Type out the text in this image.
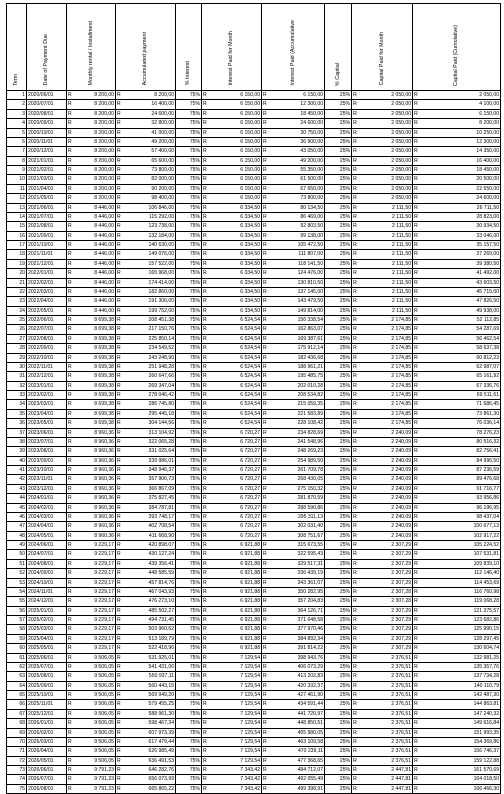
Term	Date of Payment Due	Monthly rental / Installment		Accumulated payment		% Interest	Interest Paid for Month		Interest Paid (Accumulative		% Capital	Capital Paid for Month		Capital Paid (Cumulative)	
1	2020/06/01	R	8 200,00	R	8 200,00	75%	R	6 150,00	R	6 150,00	25%	R	2 050,00	R	2 050,00
2	2020/07/01	R	8 200,00	R	16 400,00	75%	R	6 150,00	R	12 300,00	25%	R	2 050,00	R	4 100,00
3	2020/08/01	R	8 200,00	R	24 600,00	75%	R	6 150,00	R	18 450,00	25%	R	2 050,00	R	6 150,00
4	2020/09/01	R	8 200,00	R	32 800,00	75%	R	6 150,00	R	24 600,00	25%	R	2 050,00	R	8 200,00
5	2020/10/01	R	8 200,00	R	41 000,00	75%	R	6 150,00	R	30 750,00	25%	R	2 050,00	R	10 250,00
6	2020/11/01	R	8 200,00	R	49 200,00	75%	R	6 150,00	R	36 900,00	25%	R	2 050,00	R	12 300,00
7	2020/12/01	R	8 200,00	R	57 400,00	75%	R	6 150,00	R	43 050,00	25%	R	2 050,00	R	14 350,00
8	2021/01/01	R	8 200,00	R	65 600,00	75%	R	6 150,00	R	49 200,00	25%	R	2 050,00	R	16 400,00
9	2021/02/01	R	8 200,00	R	73 800,00	75%	R	6 150,00	R	55 350,00	25%	R	2 050,00	R	18 450,00
10	2021/03/01	R	8 200,00	R	82 000,00	75%	R	6 150,00	R	61 500,00	25%	R	2 050,00	R	20 500,00
11	2021/04/01	R	8 200,00	R	90 200,00	75%	R	6 150,00	R	67 650,00	25%	R	2 050,00	R	22 550,00
12	2021/05/01	R	8 200,00	R	98 400,00	75%	R	6 150,00	R	73 800,00	25%	R	2 050,00	R	24 600,00
13	2021/06/01	R	8 446,00	R	106 846,00	75%	R	6 334,50	R	80 134,50	25%	R	2 111,50	R	26 711,50
14	2021/07/01	R	8 446,00	R	115 292,00	75%	R	6 334,50	R	86 469,00	25%	R	2 111,50	R	28 823,00
15	2021/08/01	R	8 446,00	R	123 738,00	75%	R	6 334,50	R	92 803,50	25%	R	2 111,50	R	30 934,50
16	2021/09/01	R	8 446,00	R	132 184,00	75%	R	6 334,50	R	99 138,00	25%	R	2 111,50	R	33 046,00
17	2021/10/01	R	8 446,00	R	140 630,00	75%	R	6 334,50	R	105 472,50	25%	R	2 111,50	R	35 157,50
18	2021/11/01	R	8 446,00	R	149 076,00	75%	R	6 334,50	R	111 807,00	25%	R	2 111,50	R	37 269,00
19	2021/12/01	R	8 446,00	R	157 522,00	75%	R	6 334,50	R	118 141,50	25%	R	2 111,50	R	39 380,50
20	2022/01/01	R	8 446,00	R	165 968,00	75%	R	6 334,50	R	124 476,00	25%	R	2 111,50	R	41 492,00
21	2022/02/01	R	8 446,00	R	174 414,00	75%	R	6 334,50	R	130 810,50	25%	R	2 111,50	R	43 603,50
22	2022/03/01	R	8 446,00	R	182 860,00	75%	R	6 334,50	R	137 145,00	25%	R	2 111,50	R	45 715,00
23	2022/04/01	R	8 446,00	R	191 306,00	75%	R	6 334,50	R	143 479,50	25%	R	2 111,50	R	47 826,50
24	2022/05/01	R	8 446,00	R	199 752,00	75%	R	6 334,50	R	149 814,00	25%	R	2 111,50	R	49 938,00
25	2022/06/01	R	8 699,38	R	208 451,38	75%	R	6 524,54	R	156 338,54	25%	R	2 174,85	R	52 112,85
26	2022/07/01	R	8 699,38	R	217 150,76	75%	R	6 524,54	R	162 863,07	25%	R	2 174,85	R	54 287,69
27	2022/08/01	R	8 699,38	R	225 850,14	75%	R	6 524,54	R	169 387,61	25%	R	2 174,85	R	56 462,54
28	2022/09/01	R	8 699,38	R	234 549,52	75%	R	6 524,54	R	175 912,14	25%	R	2 174,85	R	58 637,38
29	2022/10/01	R	8 699,38	R	243 248,90	75%	R	6 524,54	R	182 436,68	25%	R	2 174,85	R	60 812,23
30	2022/11/01	R	8 699,38	R	251 948,28	75%	R	6 524,54	R	188 961,21	25%	R	2 174,85	R	62 987,07
31	2022/12/01	R	8 699,38	R	260 647,66	75%	R	6 524,54	R	195 485,75	25%	R	2 174,85	R	65 161,92
32	2023/01/01	R	8 699,38	R	269 347,04	75%	R	6 524,54	R	202 010,28	25%	R	2 174,85	R	67 336,76
33	2023/02/01	R	8 699,38	R	278 046,42	75%	R	6 524,54	R	208 534,82	25%	R	2 174,85	R	69 511,61
34	2023/03/01	R	8 699,38	R	286 745,80	75%	R	6 524,54	R	215 059,35	25%	R	2 174,85	R	71 686,45
35	2023/04/01	R	8 699,38	R	295 445,18	75%	R	6 524,54	R	221 583,89	25%	R	2 174,85	R	73 861,30
36	2023/05/01	R	8 699,38	R	304 144,56	75%	R	6 524,54	R	228 108,42	25%	R	2 174,85	R	76 036,14
37	2023/06/01	R	8 960,36	R	313 104,92	75%	R	6 720,27	R	234 828,69	25%	R	2 240,09	R	78 276,23
38	2023/07/01	R	8 960,36	R	322 065,28	75%	R	6 720,27	R	241 548,96	25%	R	2 240,09	R	80 516,32
39	2023/08/01	R	8 960,36	R	331 025,64	75%	R	6 720,27	R	248 269,23	25%	R	2 240,09	R	82 756,41
40	2023/09/01	R	8 960,36	R	339 986,01	75%	R	6 720,27	R	254 989,50	25%	R	2 240,09	R	84 996,50
41	2023/10/01	R	8 960,36	R	348 946,37	75%	R	6 720,27	R	261 709,78	25%	R	2 240,09	R	87 236,59
42	2023/11/01	R	8 960,36	R	357 906,73	75%	R	6 720,27	R	268 430,05	25%	R	2 240,09	R	89 476,68
43	2023/12/01	R	8 960,36	R	366 867,09	75%	R	6 720,27	R	275 150,32	25%	R	2 240,09	R	91 716,77
44	2024/01/01	R	8 960,36	R	375 827,45	75%	R	6 720,27	R	281 870,59	25%	R	2 240,09	R	93 956,86
45	2024/02/01	R	8 960,36	R	384 787,81	75%	R	6 720,27	R	288 590,86	25%	R	2 240,09	R	96 196,95
46	2024/03/01	R	8 960,36	R	393 748,17	75%	R	6 720,27	R	295 311,13	25%	R	2 240,09	R	98 437,04
47	2024/04/01	R	8 960,36	R	402 708,54	75%	R	6 720,27	R	302 031,40	25%	R	2 240,09	R	100 677,13
48	2024/05/01	R	8 960,36	R	411 668,90	75%	R	6 720,27	R	308 751,67	25%	R	2 240,09	R	102 917,22
49	2024/06/01	R	9 229,17	R	420 898,07	75%	R	6 921,88	R	315 673,55	25%	R	2 307,29	R	105 224,52
50	2024/07/01	R	9 229,17	R	430 127,24	75%	R	6 921,88	R	322 595,43	25%	R	2 307,29	R	107 531,81
51	2024/08/01	R	9 229,17	R	439 356,41	75%	R	6 921,88	R	329 517,31	25%	R	2 307,29	R	109 839,10
52	2024/09/01	R	9 229,17	R	448 585,59	75%	R	6 921,88	R	336 439,19	25%	R	2 307,29	R	112 146,40
53	2024/10/01	R	9 229,17	R	457 814,76	75%	R	6 921,88	R	343 361,07	25%	R	2 307,29	R	114 453,69
54	2024/11/01	R	9 229,17	R	467 043,93	75%	R	6 921,88	R	350 282,95	25%	R	2 307,28	R	116 760,98
55	2024/12/01	R	9 229,17	R	476 273,10	75%	R	6 921,88	R	357 204,83	25%	R	2 307,28	R	119 068,28
56	2025/01/01	R	9 229,17	R	485 502,27	75%	R	6 921,88	R	364 126,71	25%	R	2 307,29	R	121 375,57
57	2025/02/01	R	9 229,17	R	494 731,45	75%	R	6 921,88	R	371 048,58	25%	R	2 307,29	R	123 682,86
58	2025/03/01	R	9 229,17	R	503 960,62	75%	R	6 921,88	R	377 970,46	25%	R	2 307,29	R	125 990,15
59	2025/04/01	R	9 229,17	R	513 189,79	75%	R	6 921,88	R	384 892,34	25%	R	2 307,29	R	128 297,45
60	2025/05/01	R	9 229,17	R	522 418,96	75%	R	6 921,88	R	391 814,22	25%	R	2 307,29	R	130 604,74
61	2025/06/01	R	9 506,05	R	531 925,01	75%	R	7 129,54	R	398 943,76	25%	R	2 376,51	R	132 981,25
62	2025/07/01	R	9 506,05	R	541 431,06	75%	R	7 129,54	R	406 073,29	25%	R	2 376,51	R	135 357,76
63	2025/08/01	R	9 506,05	R	550 937,11	75%	R	7 129,54	R	413 202,83	25%	R	2 376,51	R	137 734,28
64	2025/09/01	R	9 506,05	R	560 443,15	75%	R	7 129,54	R	420 332,37	25%	R	2 376,51	R	140 110,79
65	2025/10/01	R	9 506,05	R	569 949,20	75%	R	7 129,54	R	427 461,90	25%	R	2 376,51	R	142 487,30
66	2025/11/01	R	9 506,05	R	579 455,25	75%	R	7 129,54	R	434 591,44	25%	R	2 376,51	R	144 863,81
67	2025/12/01	R	9 506,05	R	588 961,30	75%	R	7 129,54	R	441 720,97	25%	R	2 376,51	R	147 240,32
68	2026/01/01	R	9 506,05	R	598 467,34	75%	R	7 129,54	R	448 850,51	25%	R	2 376,51	R	149 616,84
69	2026/02/01	R	9 506,05	R	607 973,39	75%	R	7 129,54	R	455 980,05	25%	R	2 376,51	R	151 993,35
70	2026/03/01	R	9 506,05	R	617 479,44	75%	R	7 129,54	R	463 109,58	25%	R	2 376,51	R	154 369,86
71	2026/04/01	R	9 506,05	R	626 985,49	75%	R	7 129,54	R	470 239,11	25%	R	2 376,51	R	156 746,37
72	2026/05/01	R	9 506,05	R	636 491,53	75%	R	7 129,54	R	477 368,65	25%	R	2 376,51	R	159 122,88
73	2026/06/01	R	9 791,23	R	646 282,76	75%	R	7 343,42	R	484 712,07	25%	R	2 447,81	R	161 570,69
74	2026/07/01	R	9 791,23	R	656 073,99	75%	R	7 343,42	R	492 055,49	25%	R	2 447,81	R	164 018,50
75	2026/08/01	R	9 791,23	R	665 865,22	75%	R	7 343,42	R	499 398,91	25%	R	2 447,81	R	166 466,30
